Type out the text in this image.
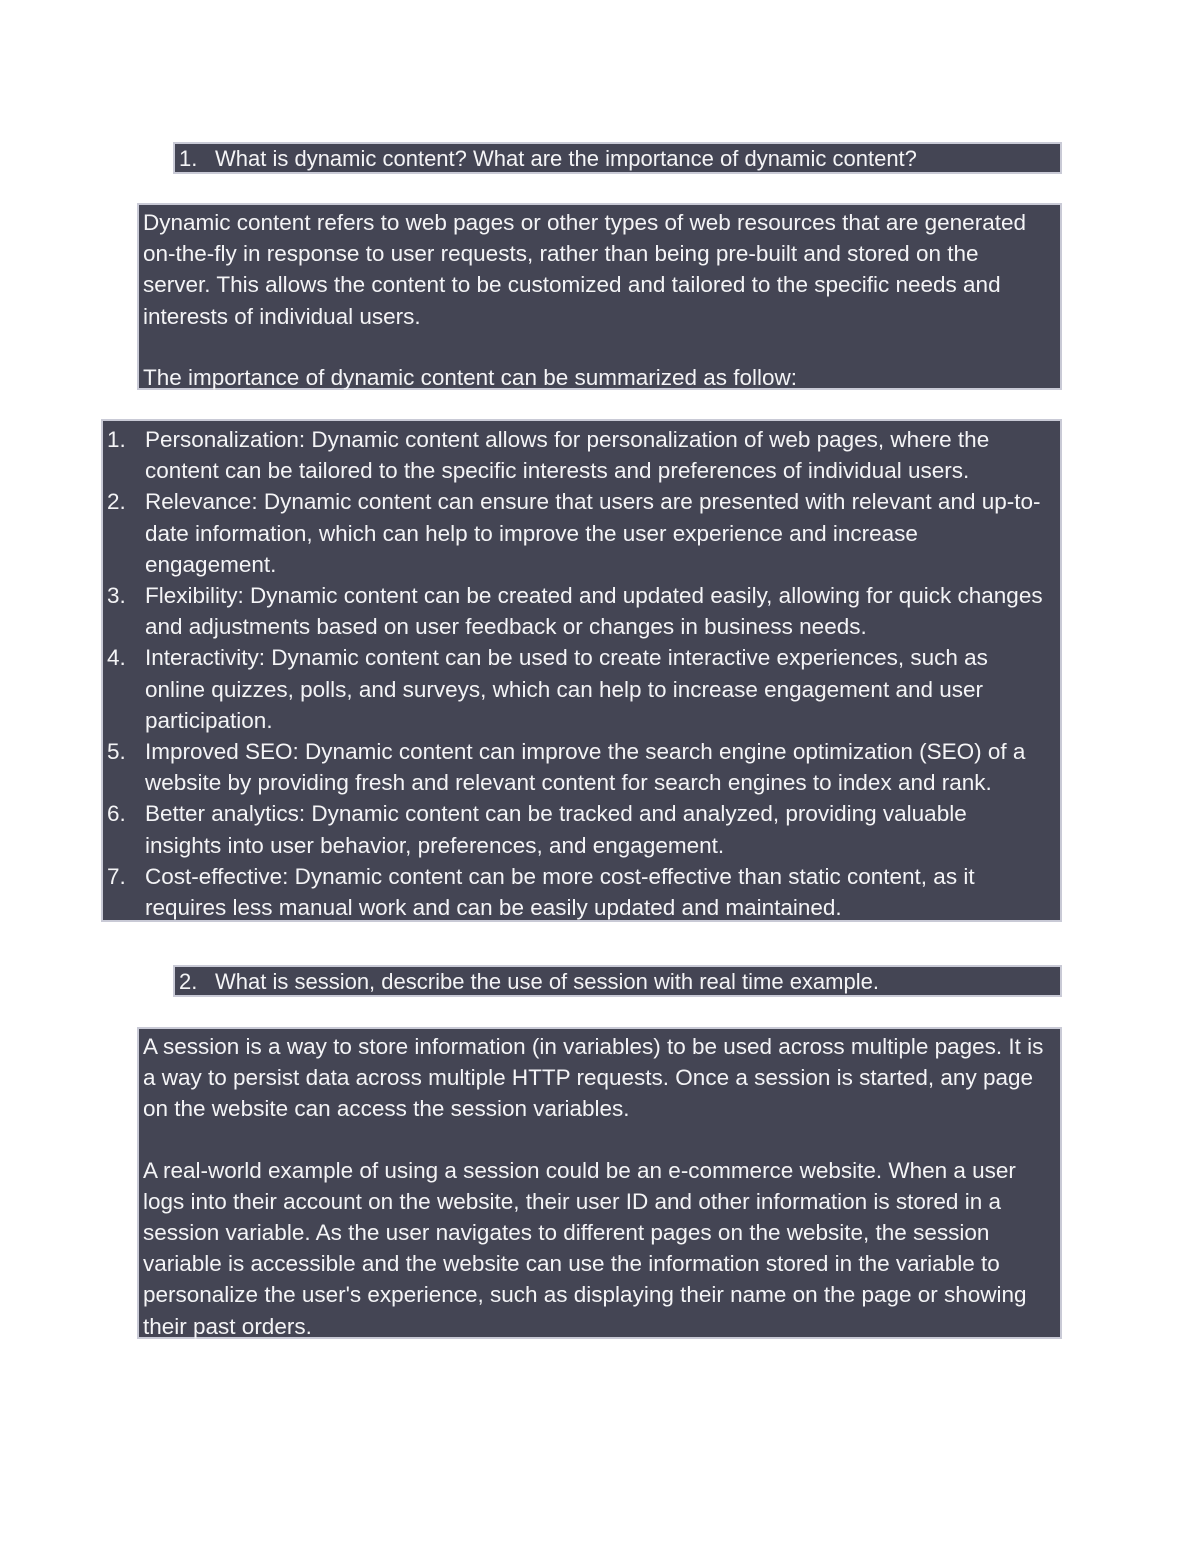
1. What is dynamic content? What are the importance of dynamic content?

Dynamic content refers to web pages or other types of web resources that are generated on-the-fly in response to user requests, rather than being pre-built and stored on the server. This allows the content to be customized and tailored to the specific needs and interests of individual users.

The importance of dynamic content can be summarized as follow:

1. Personalization: Dynamic content allows for personalization of web pages, where the content can be tailored to the specific interests and preferences of individual users.
2. Relevance: Dynamic content can ensure that users are presented with relevant and up-to-date information, which can help to improve the user experience and increase engagement.
3. Flexibility: Dynamic content can be created and updated easily, allowing for quick changes and adjustments based on user feedback or changes in business needs.
4. Interactivity: Dynamic content can be used to create interactive experiences, such as online quizzes, polls, and surveys, which can help to increase engagement and user participation.
5. Improved SEO: Dynamic content can improve the search engine optimization (SEO) of a website by providing fresh and relevant content for search engines to index and rank.
6. Better analytics: Dynamic content can be tracked and analyzed, providing valuable insights into user behavior, preferences, and engagement.
7. Cost-effective: Dynamic content can be more cost-effective than static content, as it requires less manual work and can be easily updated and maintained.
2. What is session, describe the use of session with real time example.

A session is a way to store information (in variables) to be used across multiple pages. It is a way to persist data across multiple HTTP requests. Once a session is started, any page on the website can access the session variables.

A real-world example of using a session could be an e-commerce website. When a user logs into their account on the website, their user ID and other information is stored in a session variable. As the user navigates to different pages on the website, the session variable is accessible and the website can use the information stored in the variable to personalize the user's experience, such as displaying their name on the page or showing their past orders.
